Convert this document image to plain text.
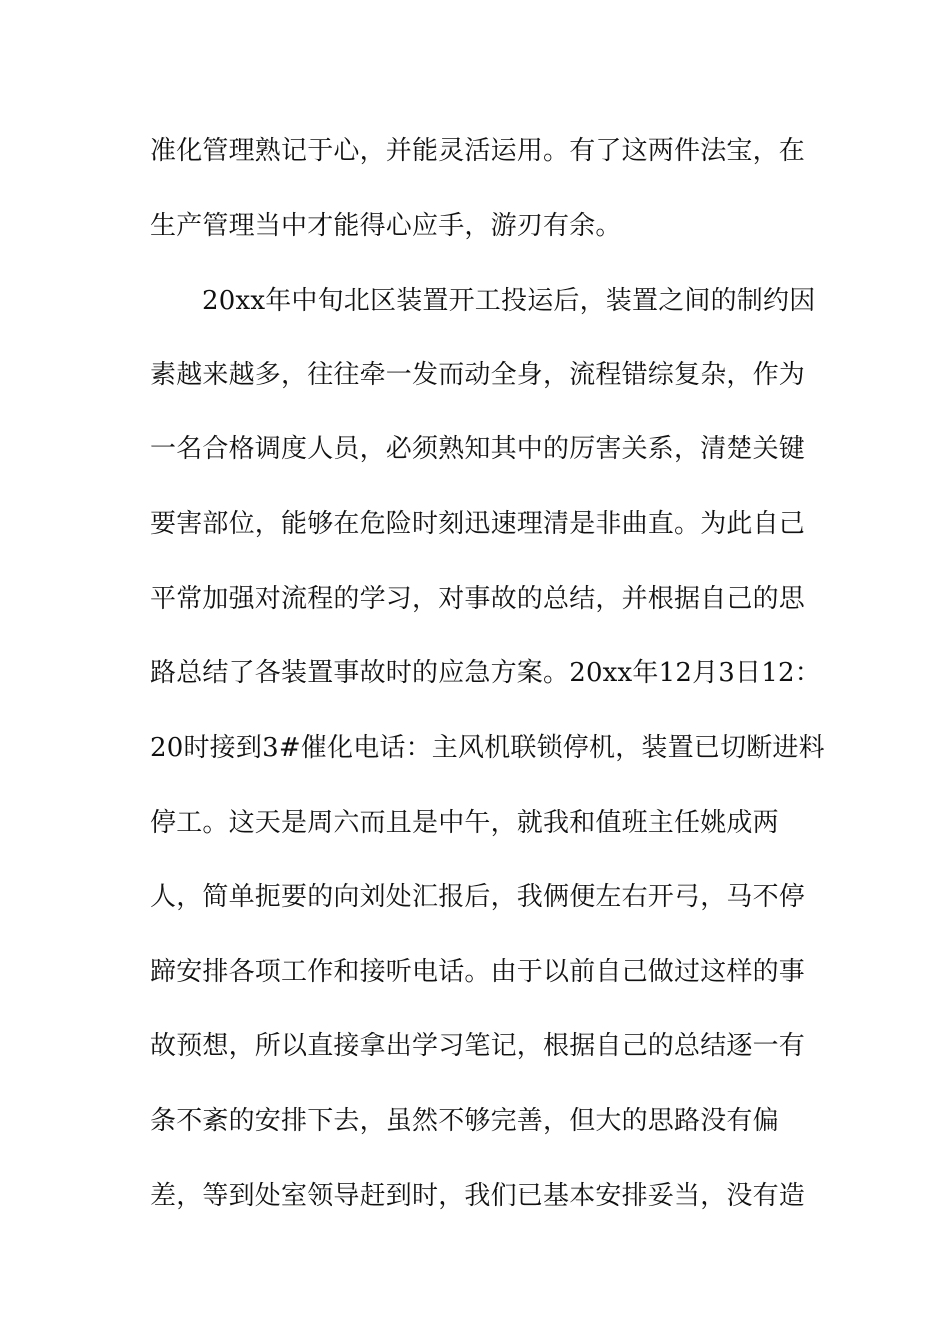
准化管理熟记于心，并能灵活运用。有了这两件法宝，在

生产管理当中才能得心应手，游刃有余。

20xx年中旬北区装置开工投运后，装置之间的制约因

素越来越多，往往牵一发而动全身，流程错综复杂，作为

一名合格调度人员，必须熟知其中的厉害关系，清楚关键

要害部位，能够在危险时刻迅速理清是非曲直。为此自己

平常加强对流程的学习，对事故的总结，并根据自己的思

路总结了各装置事故时的应急方案。20xx年12月3日12：

20时接到3#催化电话：主风机联锁停机，装置已切断进料

停工。这天是周六而且是中午，就我和值班主任姚成两

人，简单扼要的向刘处汇报后，我俩便左右开弓，马不停

蹄安排各项工作和接听电话。由于以前自己做过这样的事

故预想，所以直接拿出学习笔记，根据自己的总结逐一有

条不紊的安排下去，虽然不够完善，但大的思路没有偏

差，等到处室领导赶到时，我们已基本安排妥当，没有造
